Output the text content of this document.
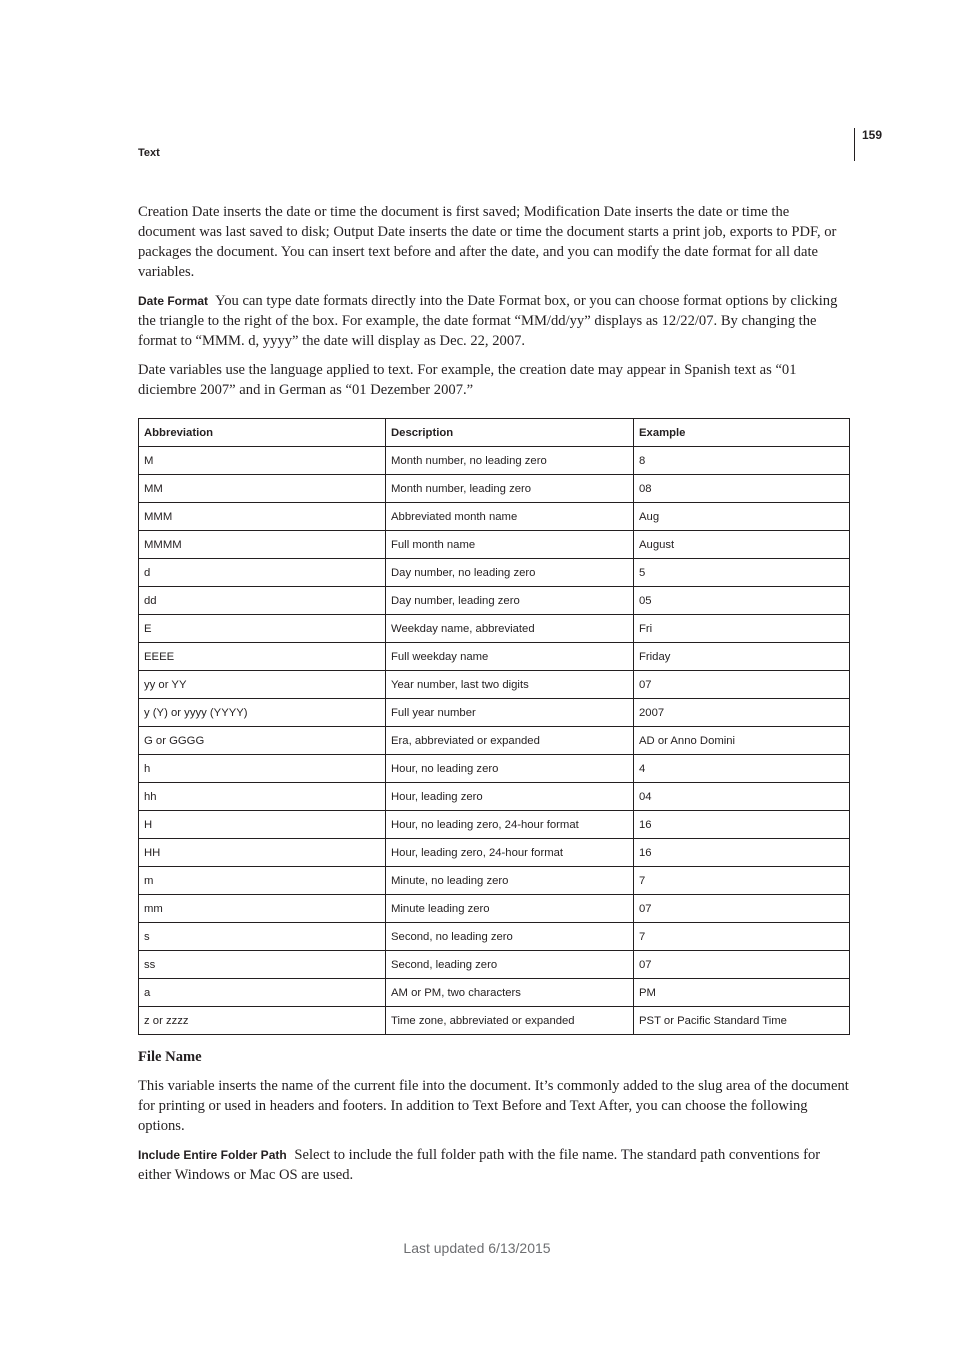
159
Text

Creation Date inserts the date or time the document is first saved; Modification Date inserts the date or time the document was last saved to disk; Output Date inserts the date or time the document starts a print job, exports to PDF, or packages the document. You can insert text before and after the date, and you can modify the date format for all date variables.

Date Format You can type date formats directly into the Date Format box, or you can choose format options by clicking the triangle to the right of the box. For example, the date format “MM/dd/yy” displays as 12/22/07. By changing the format to “MMM. d, yyyy” the date will display as Dec. 22, 2007.

Date variables use the language applied to text. For example, the creation date may appear in Spanish text as “01 diciembre 2007” and in German as “01 Dezember 2007.”

Abbreviation	Description	Example
M	Month number, no leading zero	8
MM	Month number, leading zero	08
MMM	Abbreviated month name	Aug
MMMM	Full month name	August
d	Day number, no leading zero	5
dd	Day number, leading zero	05
E	Weekday name, abbreviated	Fri
EEEE	Full weekday name	Friday
yy or YY	Year number, last two digits	07
y (Y) or yyyy (YYYY)	Full year number	2007
G or GGGG	Era, abbreviated or expanded	AD or Anno Domini
h	Hour, no leading zero	4
hh	Hour, leading zero	04
H	Hour, no leading zero, 24-hour format	16
HH	Hour, leading zero, 24-hour format	16
m	Minute, no leading zero	7
mm	Minute leading zero	07
s	Second, no leading zero	7
ss	Second, leading zero	07
a	AM or PM, two characters	PM
z or zzzz	Time zone, abbreviated or expanded	PST or Pacific Standard Time
File Name

This variable inserts the name of the current file into the document. It’s commonly added to the slug area of the document for printing or used in headers and footers. In addition to Text Before and Text After, you can choose the following options.

Include Entire Folder Path Select to include the full folder path with the file name. The standard path conventions for either Windows or Mac OS are used.

Last updated 6/13/2015
